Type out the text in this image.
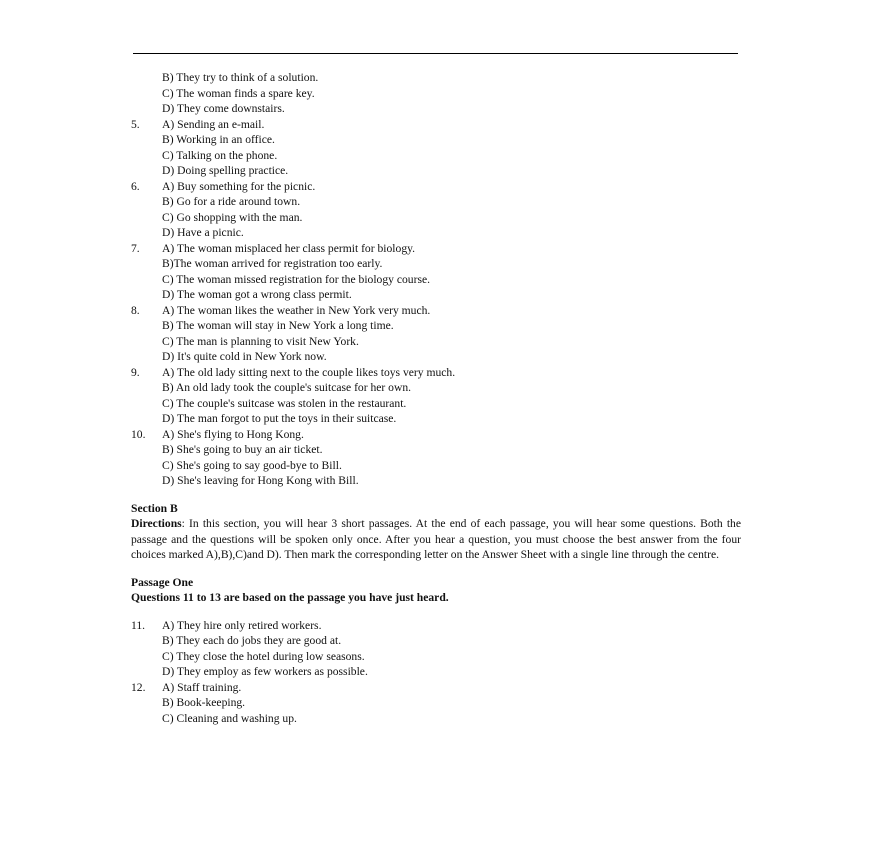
B) They try to think of a solution.
C) The woman finds a spare key.
D) They come downstairs.
5. A) Sending an e-mail.
B) Working in an office.
C) Talking on the phone.
D) Doing spelling practice.
6. A) Buy something for the picnic.
B) Go for a ride around town.
C) Go shopping with the man.
D) Have a picnic.
7. A) The woman misplaced her class permit for biology.
B)The woman arrived for registration too early.
C) The woman missed registration for the biology course.
D) The woman got a wrong class permit.
8. A) The woman likes the weather in New York very much.
B) The woman will stay in New York a long time.
C) The man is planning to visit New York.
D) It's quite cold in New York now.
9. A) The old lady sitting next to the couple likes toys very much.
B) An old lady took the couple's suitcase for her own.
C) The couple's suitcase was stolen in the restaurant.
D) The man forgot to put the toys in their suitcase.
10. A) She's flying to Hong Kong.
B) She's going to buy an air ticket.
C) She's going to say good-bye to Bill.
D) She's leaving for Hong Kong with Bill.
Section B
Directions: In this section, you will hear 3 short passages. At the end of each passage, you will hear some questions. Both the passage and the questions will be spoken only once. After you hear a question, you must choose the best answer from the four choices marked A),B),C)and D). Then mark the corresponding letter on the Answer Sheet with a single line through the centre.
Passage One
Questions 11 to 13 are based on the passage you have just heard.
11. A) They hire only retired workers.
B) They each do jobs they are good at.
C) They close the hotel during low seasons.
D) They employ as few workers as possible.
12. A) Staff training.
B) Book-keeping.
C) Cleaning and washing up.
